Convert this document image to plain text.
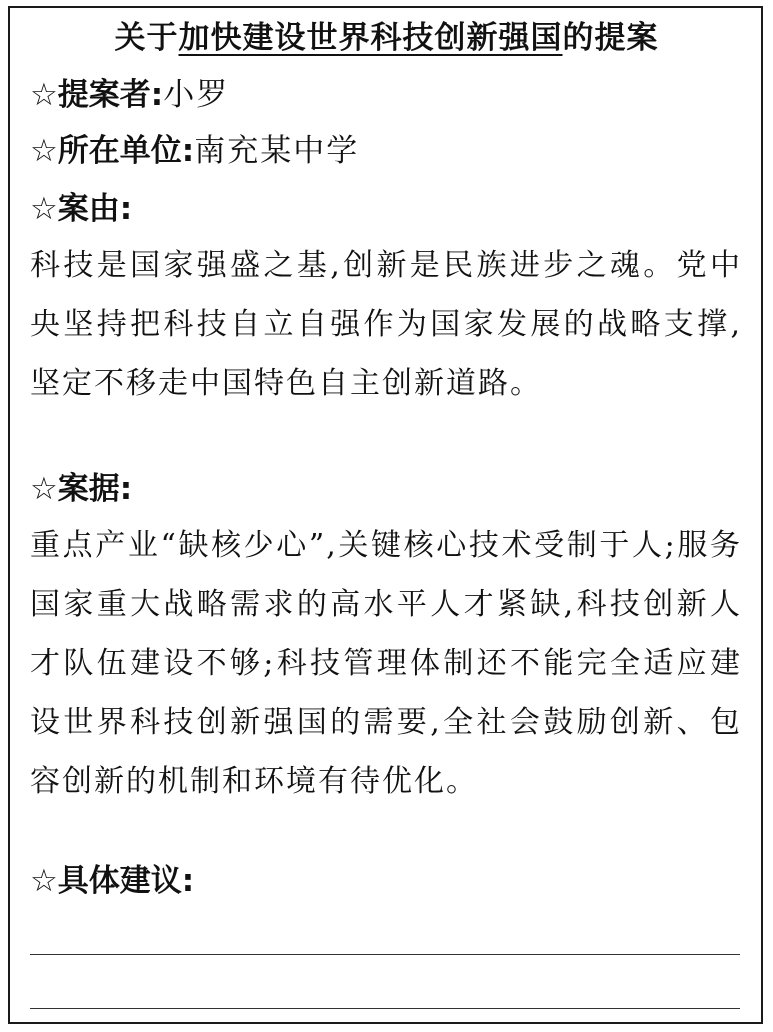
关于加快建设世界科技创新强国的提案
☆提案者:小罗
☆所在单位:南充某中学
☆案由:
科技是国家强盛之基,创新是民族进步之魂。党中央坚持把科技自立自强作为国家发展的战略支撑,坚定不移走中国特色自主创新道路。
☆案据:
重点产业“缺核少心”,关键核心技术受制于人;服务国家重大战略需求的高水平人才紧缺,科技创新人才队伍建设不够;科技管理体制还不能完全适应建设世界科技创新强国的需要,全社会鼓励创新、包容创新的机制和环境有待优化。
☆具体建议:
